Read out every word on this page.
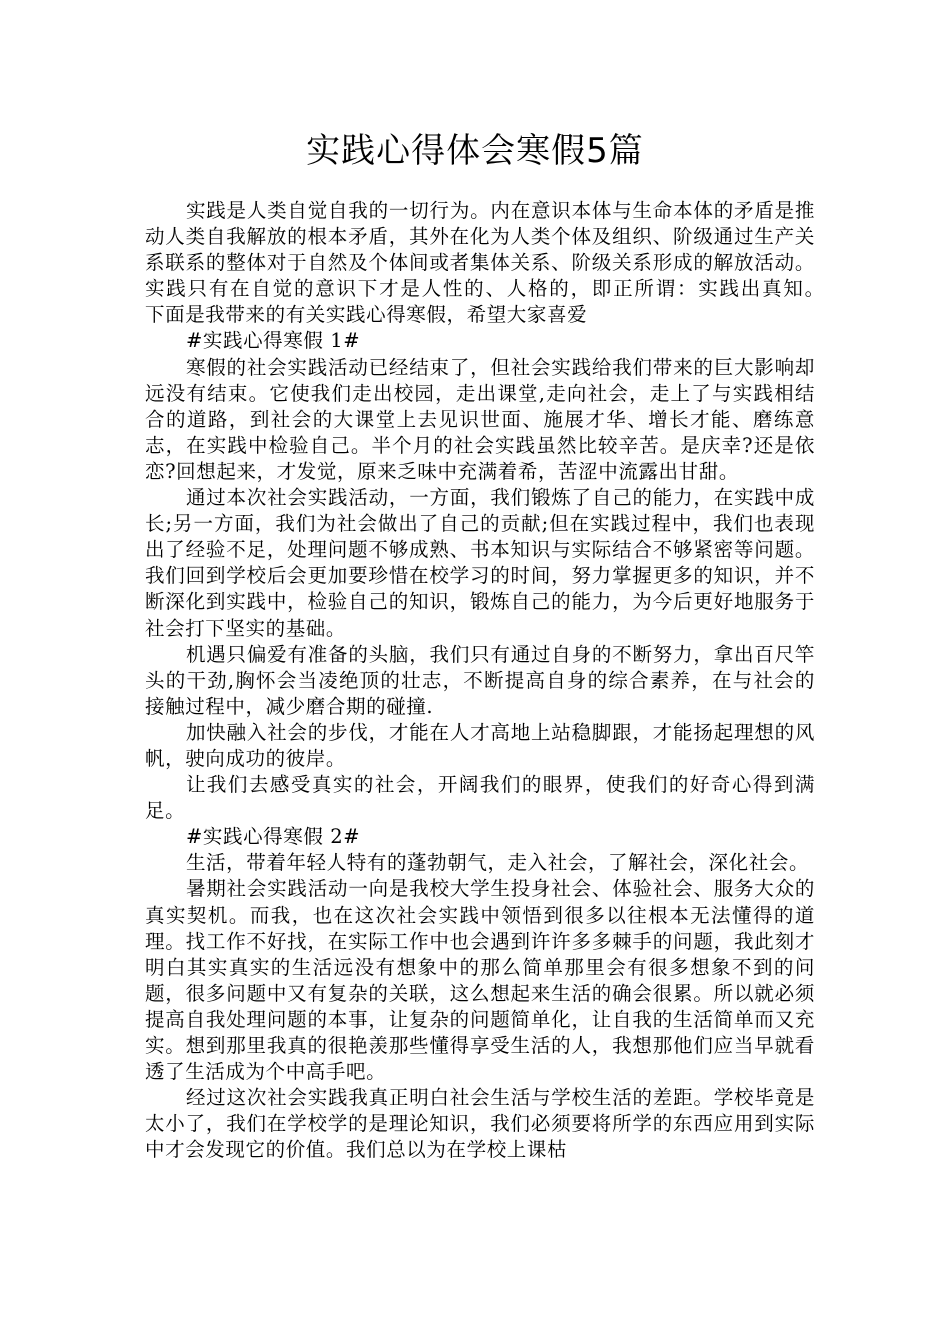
实践心得体会寒假5篇

实践是人类自觉自我的一切行为。内在意识本体与生命本体的矛盾是推动人类自我解放的根本矛盾，其外在化为人类个体及组织、阶级通过生产关系联系的整体对于自然及个体间或者集体关系、阶级关系形成的解放活动。实践只有在自觉的意识下才是人性的、人格的，即正所谓：实践出真知。　　下面是我带来的有关实践心得寒假，希望大家喜爱

#实践心得寒假 1#

寒假的社会实践活动已经结束了，但社会实践给我们带来的巨大影响却远没有结束。它使我们走出校园，走出课堂,走向社会，走上了与实践相结合的道路，到社会的大课堂上去见识世面、施展才华、增长才能、磨练意志，在实践中检验自己。半个月的社会实践虽然比较辛苦。是庆幸?还是依恋?回想起来，才发觉，原来乏味中充满着希，苦涩中流露出甘甜。

通过本次社会实践活动，一方面，我们锻炼了自己的能力，在实践中成长;另一方面，我们为社会做出了自己的贡献;但在实践过程中，我们也表现出了经验不足，处理问题不够成熟、书本知识与实际结合不够紧密等问题。我们回到学校后会更加要珍惜在校学习的时间，努力掌握更多的知识，并不断深化到实践中，检验自己的知识，锻炼自己的能力，为今后更好地服务于社会打下坚实的基础。

机遇只偏爱有准备的头脑，我们只有通过自身的不断努力，拿出百尺竿头的干劲,胸怀会当凌绝顶的壮志，不断提高自身的综合素养，在与社会的接触过程中，减少磨合期的碰撞.

加快融入社会的步伐，才能在人才高地上站稳脚跟，才能扬起理想的风帆，驶向成功的彼岸。

让我们去感受真实的社会，开阔我们的眼界，使我们的好奇心得到满足。

#实践心得寒假 2#

生活，带着年轻人特有的蓬勃朝气，走入社会，了解社会，深化社会。

暑期社会实践活动一向是我校大学生投身社会、体验社会、服务大众的真实契机。而我，也在这次社会实践中领悟到很多以往根本无法懂得的道理。找工作不好找，在实际工作中也会遇到许许多多棘手的问题，我此刻才明白其实真实的生活远没有想象中的那么简单那里会有很多想象不到的问题，很多问题中又有复杂的关联，这么想起来生活的确会很累。所以就必须提高自我处理问题的本事，让复杂的问题简单化，让自我的生活简单而又充实。想到那里我真的很艳羡那些懂得享受生活的人，我想那他们应当早就看透了生活成为个中高手吧。

经过这次社会实践我真正明白社会生活与学校生活的差距。学校毕竟是太小了，我们在学校学的是理论知识，我们必须要将所学的东西应用到实际中才会发现它的价值。我们总以为在学校上课枯
